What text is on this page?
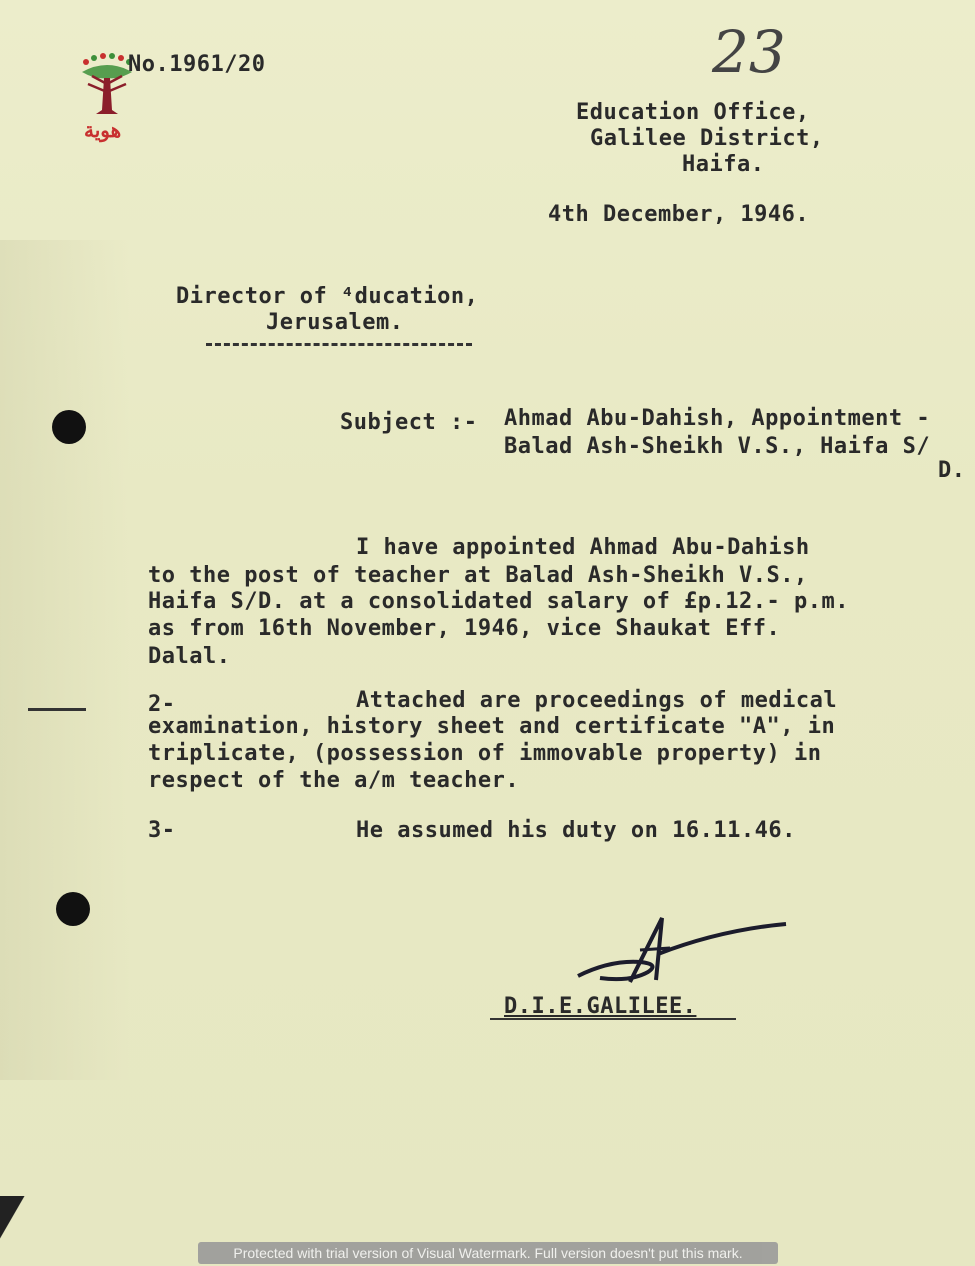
هوية
23
No.1961/20
Education Office,
Galilee District,
Haifa.
4th December, 1946.
Director of ⁴ducation,
Jerusalem.
Subject :- Ahmad Abu-Dahish, Appointment -
Balad Ash-Sheikh V.S., Haifa S/
D.
I have appointed Ahmad Abu-Dahish
to the post of teacher at Balad Ash-Sheikh V.S.,
Haifa S/D. at a consolidated salary of £p.12.- p.m.
as from 16th November, 1946, vice Shaukat Eff.
Dalal.
2-	Attached are proceedings of medical
examination, history sheet and certificate "A", in
triplicate, (possession of immovable property) in
respect of the a/m teacher.
3-	He assumed his duty on 16.11.46.
D.I.E.GALILEE.
Protected with trial version of Visual Watermark. Full version doesn't put this mark.
